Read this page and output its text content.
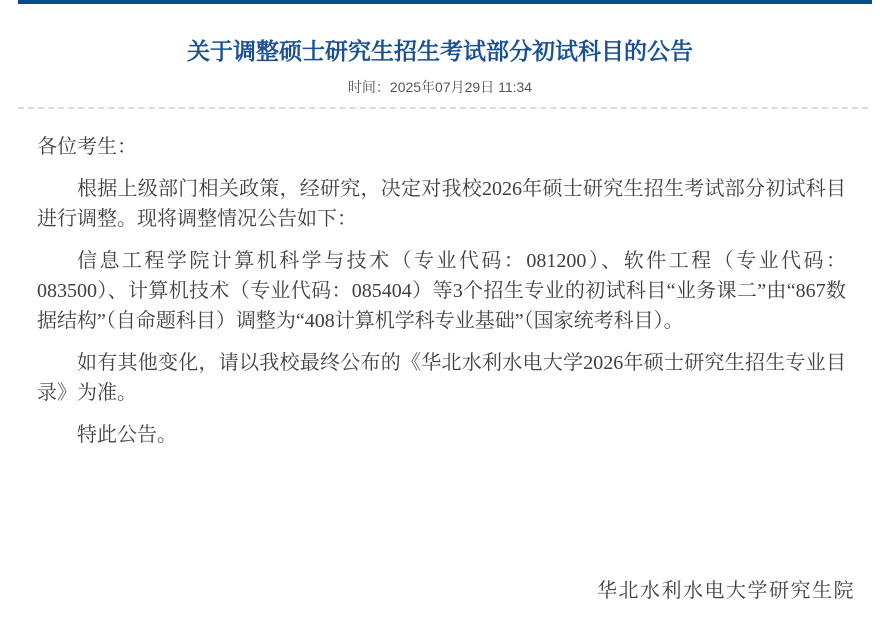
关于调整硕士研究生招生考试部分初试科目的公告
时间：2025年07月29日 11:34

各位考生：

根据上级部门相关政策，经研究，决定对我校2026年硕士研究生招生考试部分初试科目进行调整。现将调整情况公告如下：

信息工程学院计算机科学与技术（专业代码：081200）、软件工程（专业代码：083500）、计算机技术（专业代码：085404）等3个招生专业的初试科目“业务课二”由“867数据结构”（自命题科目）调整为“408计算机学科专业基础”（国家统考科目）。

如有其他变化，请以我校最终公布的《华北水利水电大学2026年硕士研究生招生专业目录》为准。

特此公告。

华北水利水电大学研究生院
